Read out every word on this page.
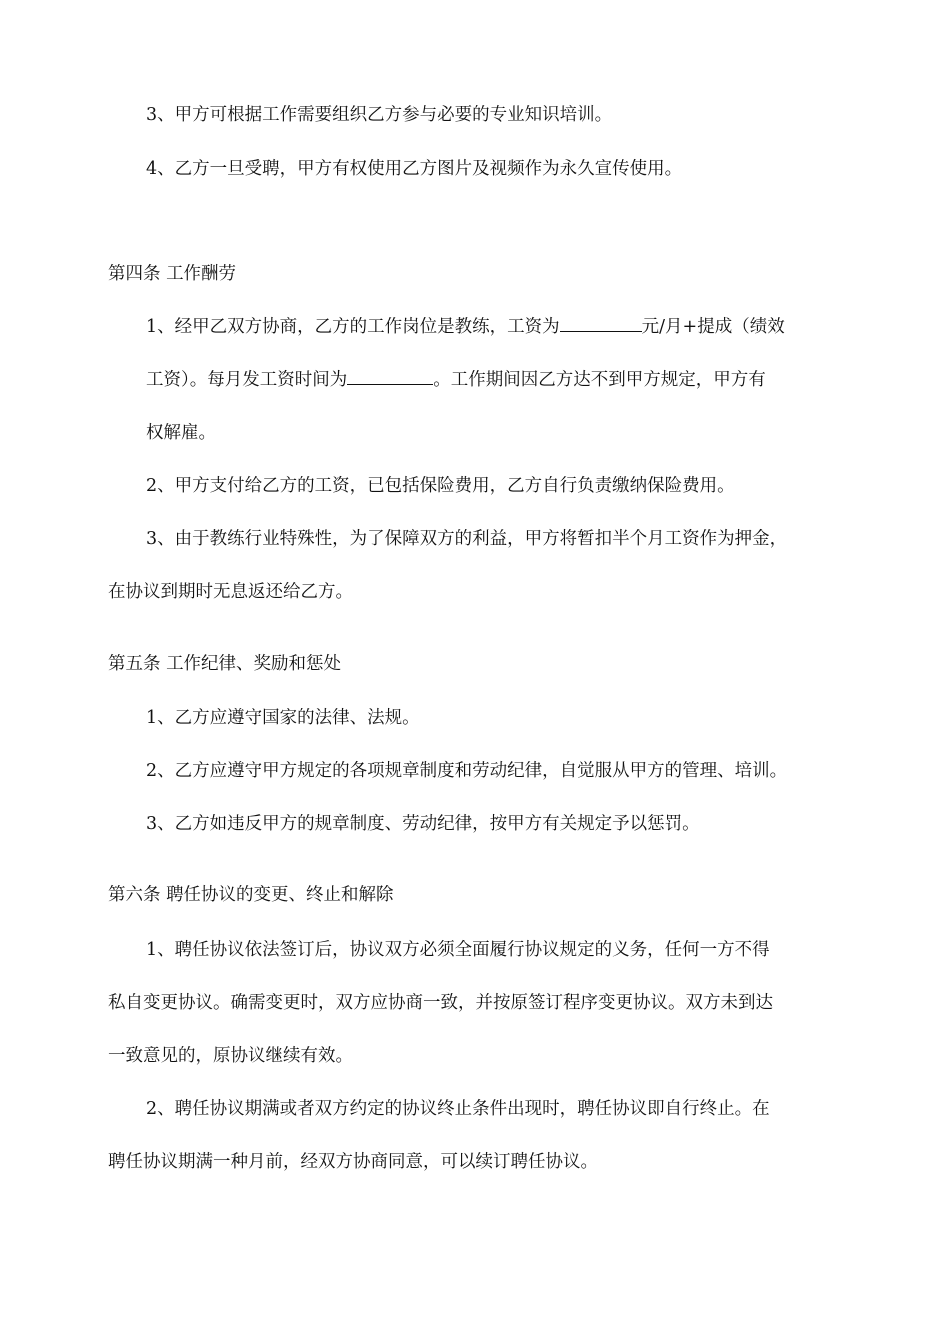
3、甲方可根据工作需要组织乙方参与必要的专业知识培训。
4、乙方一旦受聘，甲方有权使用乙方图片及视频作为永久宣传使用。
第四条 工作酬劳
1、经甲乙双方协商，乙方的工作岗位是教练，工资为	元/月+提成（绩效
工资）。每月发工资时间为	。工作期间因乙方达不到甲方规定，甲方有
权解雇。
2、甲方支付给乙方的工资，已包括保险费用，乙方自行负责缴纳保险费用。
3、由于教练行业特殊性，为了保障双方的利益，甲方将暂扣半个月工资作为押金，
在协议到期时无息返还给乙方。
第五条 工作纪律、奖励和惩处
1、乙方应遵守国家的法律、法规。
2、乙方应遵守甲方规定的各项规章制度和劳动纪律，自觉服从甲方的管理、培训。
3、乙方如违反甲方的规章制度、劳动纪律，按甲方有关规定予以惩罚。
第六条 聘任协议的变更、终止和解除
1、聘任协议依法签订后，协议双方必须全面履行协议规定的义务，任何一方不得
私自变更协议。确需变更时，双方应协商一致，并按原签订程序变更协议。双方未到达
一致意见的，原协议继续有效。
2、聘任协议期满或者双方约定的协议终止条件出现时，聘任协议即自行终止。在
聘任协议期满一种月前，经双方协商同意，可以续订聘任协议。
